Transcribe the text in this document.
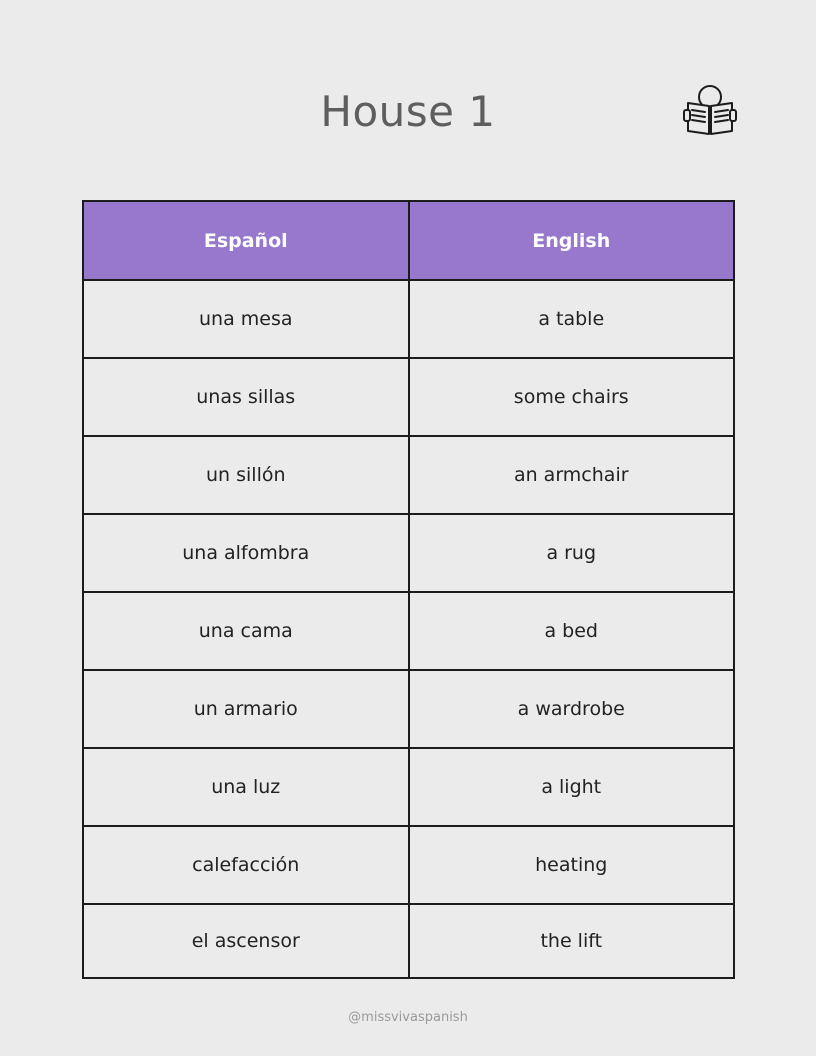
House 1
Español	English
una mesa	a table
unas sillas	some chairs
un sillón	an armchair
una alfombra	a rug
una cama	a bed
un armario	a wardrobe
una luz	a light
calefacción	heating
el ascensor	the lift
@missvivaspanish
